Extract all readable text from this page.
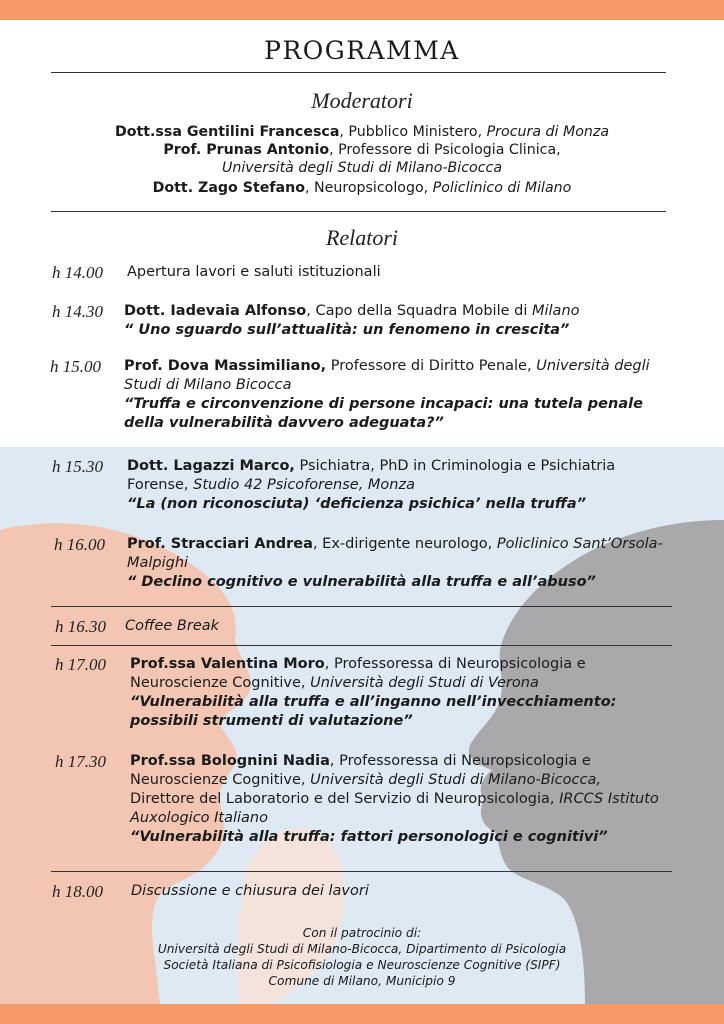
PROGRAMMA
Moderatori
Dott.ssa Gentilini Francesca, Pubblico Ministero, Procura di Monza
Prof. Prunas Antonio, Professore di Psicologia Clinica, Università degli Studi di Milano-Bicocca
Dott. Zago Stefano, Neuropsicologo, Policlinico di Milano
Relatori
h 14.00 Apertura lavori e saluti istituzionali
h 14.30 Dott. Iadevaia Alfonso, Capo della Squadra Mobile di Milano
“ Uno sguardo sull’attualità: un fenomeno in crescita”
h 15.00 Prof. Dova Massimiliano, Professore di Diritto Penale, Università degli Studi di Milano Bicocca
“Truffa e circonvenzione di persone incapaci: una tutela penale della vulnerabilità davvero adeguata?”
h 15.30 Dott. Lagazzi Marco, Psichiatra, PhD in Criminologia e Psichiatria Forense, Studio 42 Psicoforense, Monza
“La (non riconosciuta) ‘deficienza psichica’ nella truffa”
h 16.00 Prof. Stracciari Andrea, Ex-dirigente neurologo, Policlinico Sant’Orsola-Malpighi
“ Declino cognitivo e vulnerabilità alla truffa e all’abuso”
h 16.30 Coffee Break
h 17.00 Prof.ssa Valentina Moro, Professoressa di Neuropsicologia e Neuroscienze Cognitive, Università degli Studi di Verona
“Vulnerabilità alla truffa e all’inganno nell’invecchiamento: possibili strumenti di valutazione”
h 17.30 Prof.ssa Bolognini Nadia, Professoressa di Neuropsicologia e Neuroscienze Cognitive, Università degli Studi di Milano-Bicocca, Direttore del Laboratorio e del Servizio di Neuropsicologia, IRCCS Istituto Auxologico Italiano
“Vulnerabilità alla truffa: fattori personologici e cognitivi”
h 18.00 Discussione e chiusura dei lavori
Con il patrocinio di:
Università degli Studi di Milano-Bicocca, Dipartimento di Psicologia
Società Italiana di Psicofisiologia e Neuroscienze Cognitive (SIPF)
Comune di Milano, Municipio 9
